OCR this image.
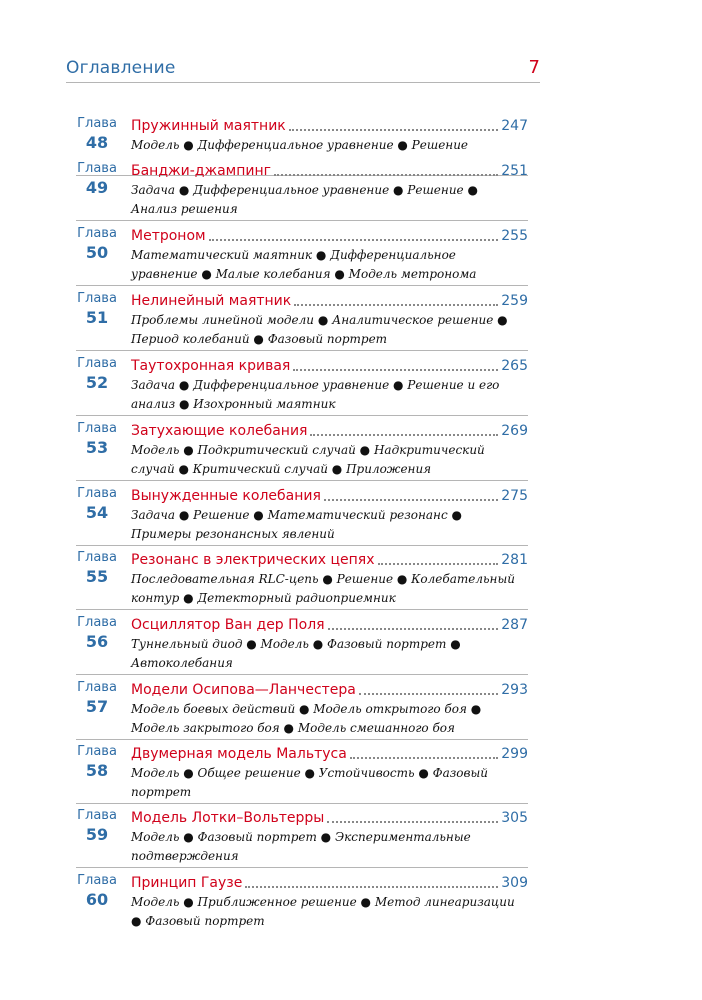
Оглавление	7
Глава
48
Пружинный маятник	247
Модель ● Дифференциальное уравнение ● Решение
Глава
49
Банджи-джампинг	251
Задача ● Дифференциальное уравнение ● Решение ● Анализ решения
Глава
50
Метроном	255
Математический маятник ● Дифференциальное уравнение ● Малые колебания ● Модель метронома
Глава
51
Нелинейный маятник	259
Проблемы линейной модели ● Аналитическое решение ● Период колебаний ● Фазовый портрет
Глава
52
Таутохронная кривая	265
Задача ● Дифференциальное уравнение ● Решение и его анализ ● Изохронный маятник
Глава
53
Затухающие колебания	269
Модель ● Подкритический случай ● Надкритический случай ● Критический случай ● Приложения
Глава
54
Вынужденные колебания	275
Задача ● Решение ● Математический резонанс ● Примеры резонансных явлений
Глава
55
Резонанс в электрических цепях	281
Последовательная RLC-цепь ● Решение ● Колебательный контур ● Детекторный радиоприемник
Глава
56
Осциллятор Ван дер Поля	287
Туннельный диод ● Модель ● Фазовый портрет ● Автоколебания
Глава
57
Модели Осипова—Ланчестера	293
Модель боевых действий ● Модель открытого боя ● Модель закрытого боя ● Модель смешанного боя
Глава
58
Двумерная модель Мальтуса	299
Модель ● Общее решение ● Устойчивость ● Фазовый портрет
Глава
59
Модель Лотки–Вольтерры	305
Модель ● Фазовый портрет ● Экспериментальные подтверждения
Глава
60
Принцип Гаузе	309
Модель ● Приближенное решение ● Метод линеаризации ● Фазовый портрет
